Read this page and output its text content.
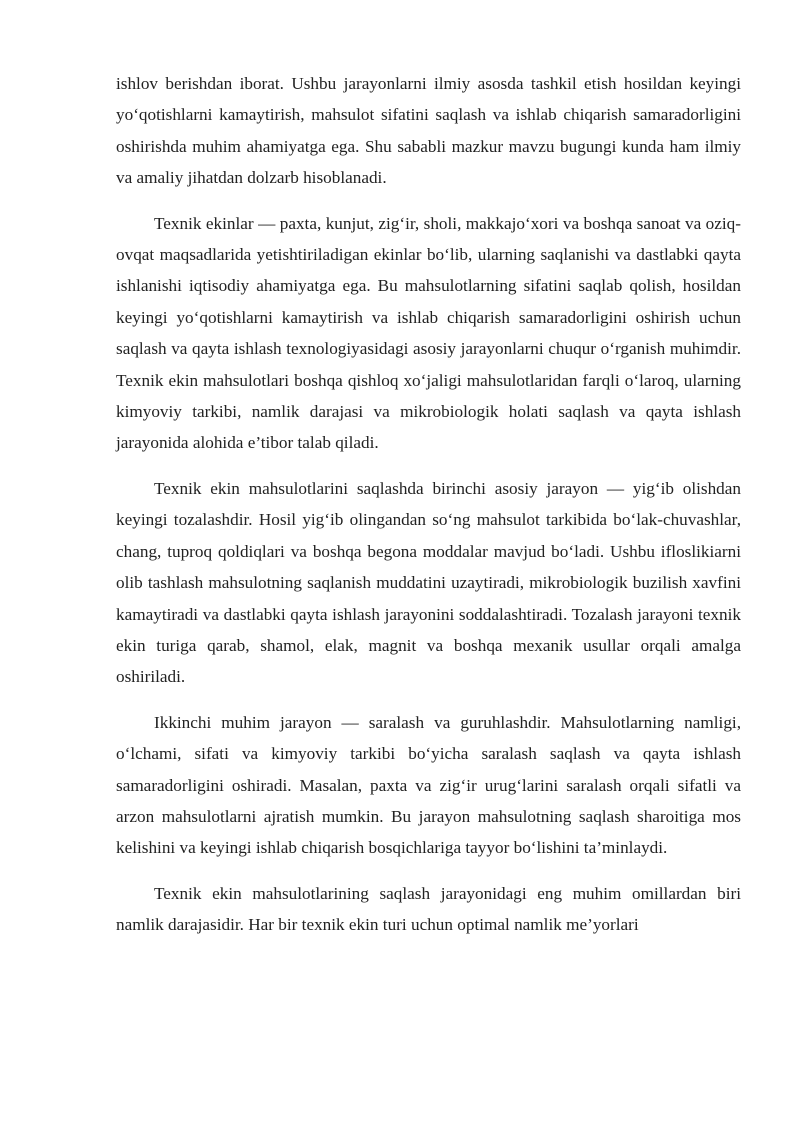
ishlov berishdan iborat. Ushbu jarayonlarni ilmiy asosda tashkil etish hosildan keyingi yo‘qotishlarni kamaytirish, mahsulot sifatini saqlash va ishlab chiqarish samaradorligini oshirishda muhim ahamiyatga ega. Shu sababli mazkur mavzu bugungi kunda ham ilmiy va amaliy jihatdan dolzarb hisoblanadi.

Texnik ekinlar — paxta, kunjut, zig‘ir, sholi, makkajo‘xori va boshqa sanoat va oziq-ovqat maqsadlarida yetishtiriladigan ekinlar bo‘lib, ularning saqlanishi va dastlabki qayta ishlanishi iqtisodiy ahamiyatga ega. Bu mahsulotlarning sifatini saqlab qolish, hosildan keyingi yo‘qotishlarni kamaytirish va ishlab chiqarish samaradorligini oshirish uchun saqlash va qayta ishlash texnologiyasidagi asosiy jarayonlarni chuqur o‘rganish muhimdir. Texnik ekin mahsulotlari boshqa qishloq xo‘jaligi mahsulotlaridan farqli o‘laroq, ularning kimyoviy tarkibi, namlik darajasi va mikrobiologik holati saqlash va qayta ishlash jarayonida alohida e’tibor talab qiladi.

Texnik ekin mahsulotlarini saqlashda birinchi asosiy jarayon — yig‘ib olishdan keyingi tozalashdir. Hosil yig‘ib olingandan so‘ng mahsulot tarkibida bo‘lak-chuvashlar, chang, tuproq qoldiqlari va boshqa begona moddalar mavjud bo‘ladi. Ushbu ifloslikiarni olib tashlash mahsulotning saqlanish muddatini uzaytiradi, mikrobiologik buzilish xavfini kamaytiradi va dastlabki qayta ishlash jarayonini soddalashtiradi. Tozalash jarayoni texnik ekin turiga qarab, shamol, elak, magnit va boshqa mexanik usullar orqali amalga oshiriladi.

Ikkinchi muhim jarayon — saralash va guruhlashdir. Mahsulotlarning namligi, o‘lchami, sifati va kimyoviy tarkibi bo‘yicha saralash saqlash va qayta ishlash samaradorligini oshiradi. Masalan, paxta va zig‘ir urug‘larini saralash orqali sifatli va arzon mahsulotlarni ajratish mumkin. Bu jarayon mahsulotning saqlash sharoitiga mos kelishini va keyingi ishlab chiqarish bosqichlariga tayyor bo‘lishini ta’minlaydi.

Texnik ekin mahsulotlarining saqlash jarayonidagi eng muhim omillardan biri namlik darajasidir. Har bir texnik ekin turi uchun optimal namlik me’yorlari
